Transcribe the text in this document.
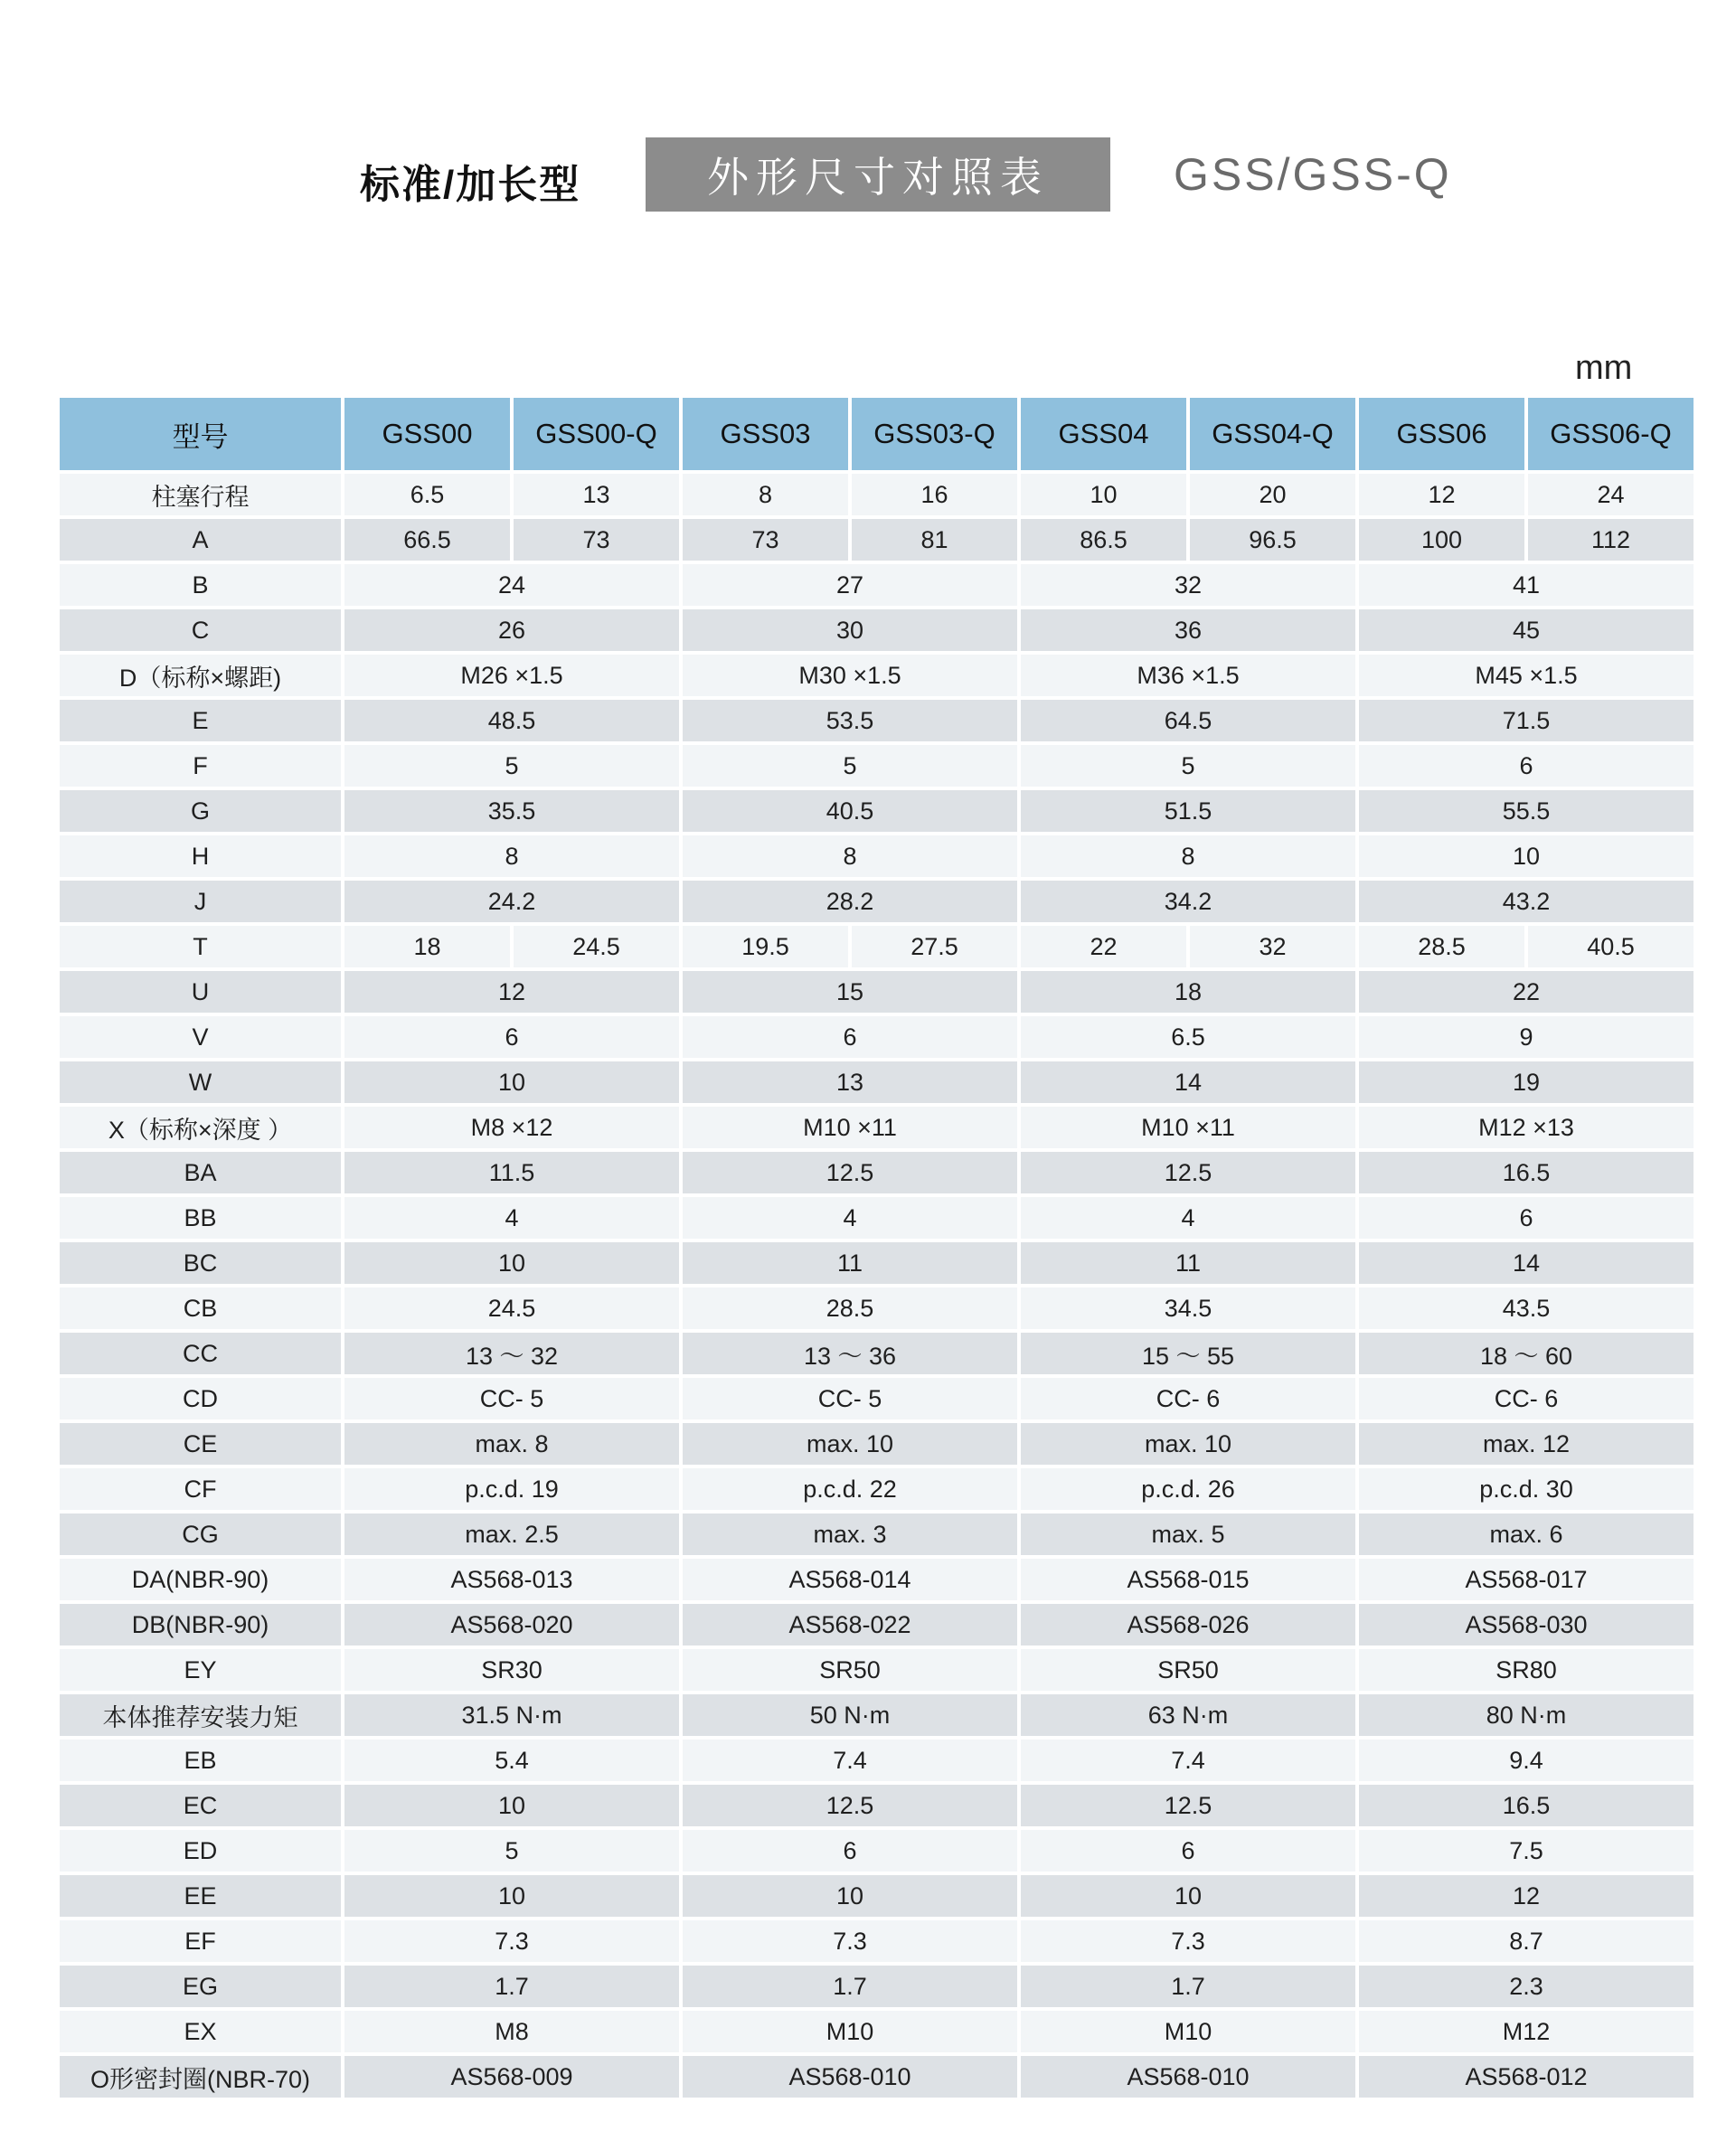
标准/加长型	外形尺寸对照表	GSS/GSS-Q
mm
型号	GSS00	GSS00-Q	GSS03	GSS03-Q	GSS04	GSS04-Q	GSS06	GSS06-Q
柱塞行程	6.5	13	8	16	10	20	12	24
A	66.5	73	73	81	86.5	96.5	100	112
B	24	27	32	41
C	26	30	36	45
D（标称×螺距)	M26 ×1.5	M30 ×1.5	M36 ×1.5	M45 ×1.5
E	48.5	53.5	64.5	71.5
F	5	5	5	6
G	35.5	40.5	51.5	55.5
H	8	8	8	10
J	24.2	28.2	34.2	43.2
T	18	24.5	19.5	27.5	22	32	28.5	40.5
U	12	15	18	22
V	6	6	6.5	9
W	10	13	14	19
X（标称×深度 ）	M8 ×12	M10 ×11	M10 ×11	M12 ×13
BA	11.5	12.5	12.5	16.5
BB	4	4	4	6
BC	10	11	11	14
CB	24.5	28.5	34.5	43.5
CC	13 ～ 32	13 ～ 36	15 ～ 55	18 ～ 60
CD	CC- 5	CC- 5	CC- 6	CC- 6
CE	max. 8	max. 10	max. 10	max. 12
CF	p.c.d. 19	p.c.d. 22	p.c.d. 26	p.c.d. 30
CG	max. 2.5	max. 3	max. 5	max. 6
DA(NBR-90)	AS568-013	AS568-014	AS568-015	AS568-017
DB(NBR-90)	AS568-020	AS568-022	AS568-026	AS568-030
EY	SR30	SR50	SR50	SR80
本体推荐安装力矩	31.5 N·m	50 N·m	63 N·m	80 N·m
EB	5.4	7.4	7.4	9.4
EC	10	12.5	12.5	16.5
ED	5	6	6	7.5
EE	10	10	10	12
EF	7.3	7.3	7.3	8.7
EG	1.7	1.7	1.7	2.3
EX	M8	M10	M10	M12
O形密封圈(NBR-70)	AS568-009	AS568-010	AS568-010	AS568-012
